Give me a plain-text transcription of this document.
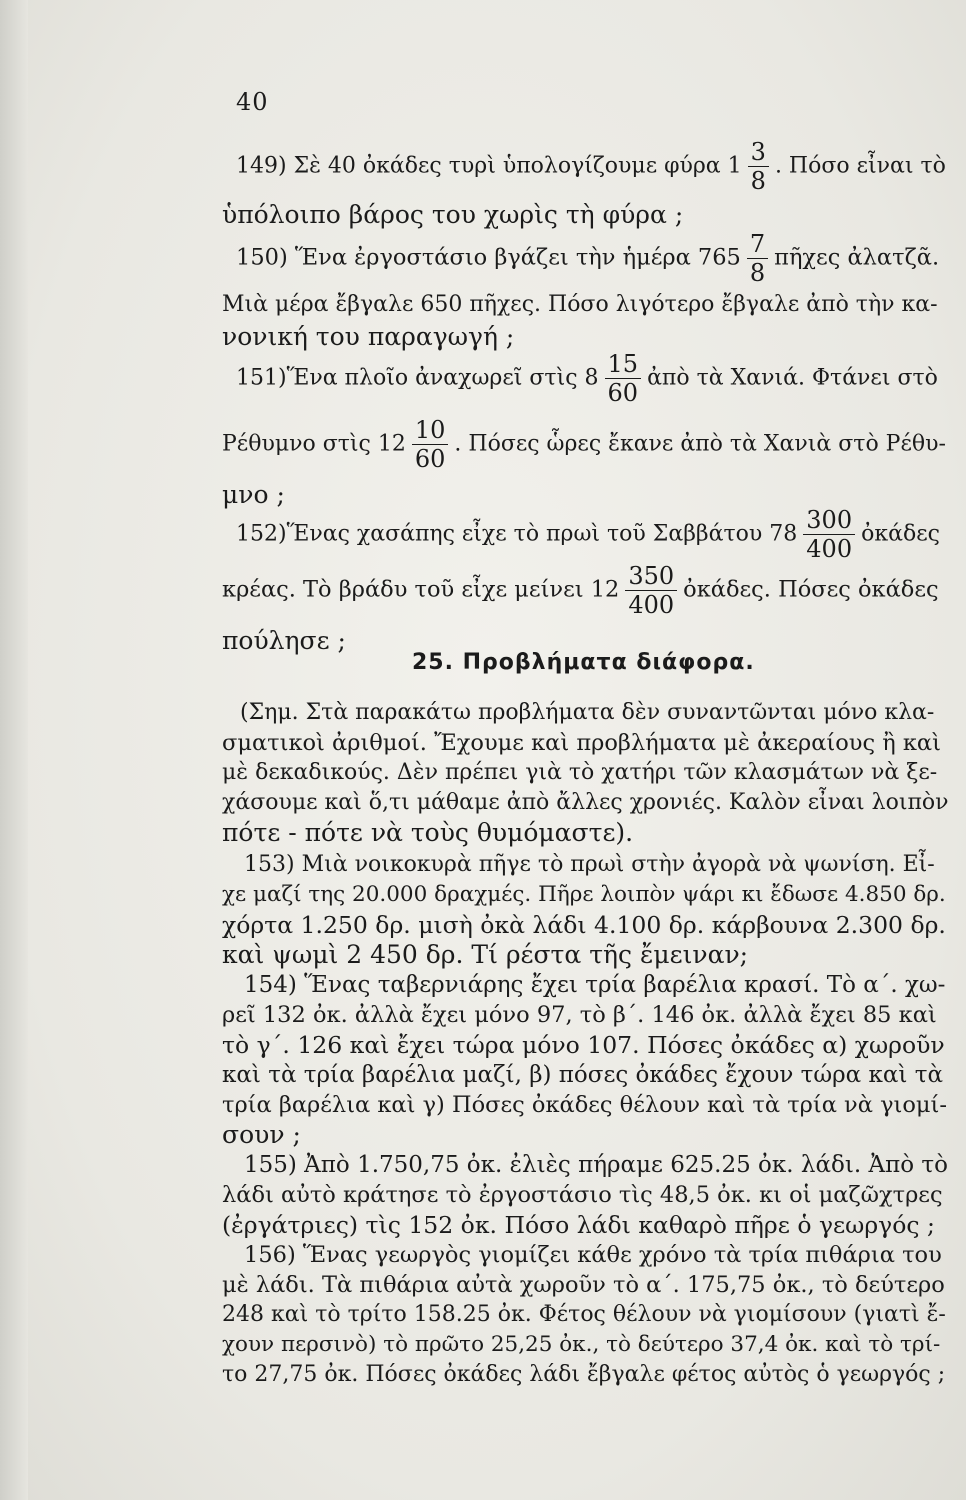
40
149) Σὲ 40 ὀκάδες τυρὶ ὑπολογίζουμε φύρα $1 \frac{3}{8}$ . Πόσο εἶναι τὸ
ὑπόλοιπο βάρος του χωρὶς τὴ φύρα ;
150) Ἕνα ἐργοστάσιο βγάζει τὴν ἡμέρα $765 \frac{7}{8}$ πῆχες ἀλατζᾶ.
Μιὰ μέρα ἔβγαλε 650 πῆχες. Πόσο λιγότερο ἔβγαλε ἀπὸ τὴν κα-
νονική του παραγωγή ;
151)Ἕνα πλοῖο ἀναχωρεῖ στὶς $8 \frac{15}{60}$ ἀπὸ τὰ Χανιά. Φτάνει στὸ
Ρέθυμνο στὶς $12 \frac{10}{60}$ . Πόσες ὧρες ἔκανε ἀπὸ τὰ Χανιὰ στὸ Ρέθυ-
μνο ;
152)Ἕνας χασάπης εἶχε τὸ πρωὶ τοῦ Σαββάτου $78 \frac{300}{400}$ ὀκάδες
κρέας. Τὸ βράδυ τοῦ εἶχε μείνει $12 \frac{350}{400}$ ὀκάδες. Πόσες ὀκάδες
πούλησε ;
25. Προβλήματα διάφορα.
(Σημ. Στὰ παρακάτω προβλήματα δὲν συναντῶνται μόνο κλα-
σματικοὶ ἀριθμοί. Ἔχουμε καὶ προβλήματα μὲ ἀκεραίους ἢ καὶ
μὲ δεκαδικούς. Δὲν πρέπει γιὰ τὸ χατήρι τῶν κλασμάτων νὰ ξε-
χάσουμε καὶ ὅ,τι μάθαμε ἀπὸ ἄλλες χρονιές. Καλὸν εἶναι λοιπὸν
πότε - πότε νὰ τοὺς θυμόμαστε).
153) Μιὰ νοικοκυρὰ πῆγε τὸ πρωὶ στὴν ἀγορὰ νὰ ψωνίση. Εἶ-
χε μαζί της 20.000 δραχμές. Πῆρε λοιπὸν ψάρι κι ἔδωσε 4.850 δρ.
χόρτα 1.250 δρ. μισὴ ὀκὰ λάδι 4.100 δρ. κάρβουνα 2.300 δρ.
καὶ ψωμὶ 2 450 δρ. Τί ρέστα τῆς ἔμειναν;
154) Ἕνας ταβερνιάρης ἔχει τρία βαρέλια κρασί. Τὸ α΄. χω-
ρεῖ 132 ὀκ. ἀλλὰ ἔχει μόνο 97, τὸ β΄. 146 ὀκ. ἀλλὰ ἔχει 85 καὶ
τὸ γ΄. 126 καὶ ἔχει τώρα μόνο 107. Πόσες ὀκάδες α) χωροῦν
καὶ τὰ τρία βαρέλια μαζί, β) πόσες ὀκάδες ἔχουν τώρα καὶ τὰ
τρία βαρέλια καὶ γ) Πόσες ὀκάδες θέλουν καὶ τὰ τρία νὰ γιομί-
σουν ;
155) Ἀπὸ 1.750,75 ὀκ. ἐλιὲς πήραμε 625.25 ὀκ. λάδι. Ἀπὸ τὸ
λάδι αὐτὸ κράτησε τὸ ἐργοστάσιο τὶς 48,5 ὀκ. κι οἱ μαζῶχτρες
(ἐργάτριες) τὶς 152 ὀκ. Πόσο λάδι καθαρὸ πῆρε ὁ γεωργός ;
156) Ἕνας γεωργὸς γιομίζει κάθε χρόνο τὰ τρία πιθάρια του
μὲ λάδι. Τὰ πιθάρια αὐτὰ χωροῦν τὸ α΄. 175,75 ὀκ., τὸ δεύτερο
248 καὶ τὸ τρίτο 158.25 ὀκ. Φέτος θέλουν νὰ γιομίσουν (γιατὶ ἔ-
χουν περσινὸ) τὸ πρῶτο 25,25 ὀκ., τὸ δεύτερο 37,4 ὀκ. καὶ τὸ τρί-
το 27,75 ὀκ. Πόσες ὀκάδες λάδι ἔβγαλε φέτος αὐτὸς ὁ γεωργός ;
